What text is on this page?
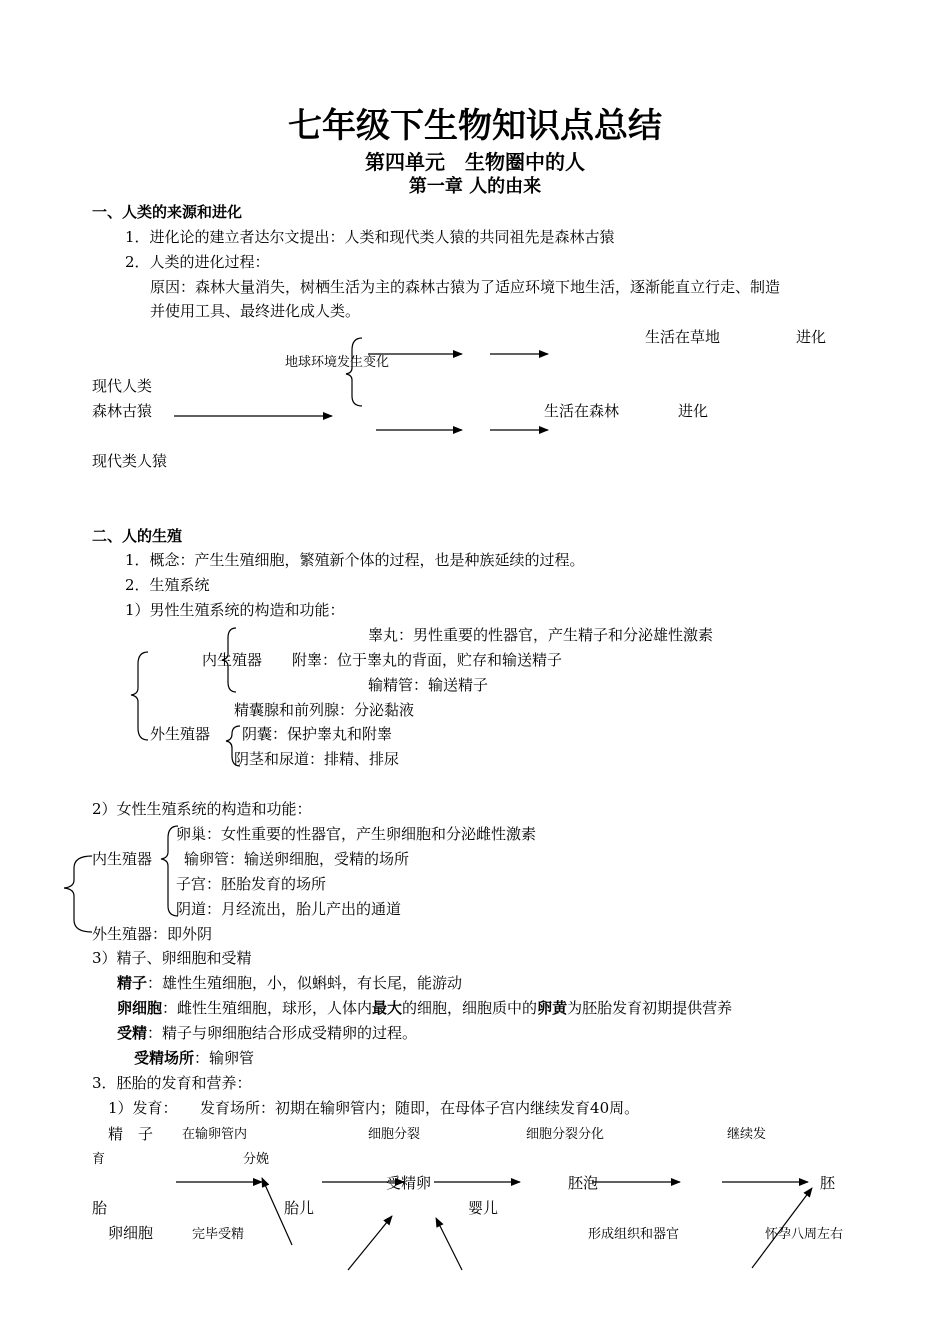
七年级下生物知识点总结
第四单元　生物圈中的人
第一章 人的由来
一、人类的来源和进化
1．进化论的建立者达尔文提出：人类和现代类人猿的共同祖先是森林古猿
2．人类的进化过程：
原因：森林大量消失，树栖生活为主的森林古猿为了适应环境下地生活，逐渐能直立行走、制造
并使用工具、最终进化成人类。
生活在草地	进化
地球环境发生变化
现代人类
森林古猿	生活在森林	进化
现代类人猿
二、人的生殖
1．概念：产生生殖细胞，繁殖新个体的过程，也是种族延续的过程。
2．生殖系统
1）男性生殖系统的构造和功能：
睾丸：男性重要的性器官，产生精子和分泌雄性激素
内生殖器 附睾：位于睾丸的背面，贮存和输送精子
输精管：输送精子
精囊腺和前列腺：分泌黏液
外生殖器 阴囊：保护睾丸和附睾
阴茎和尿道：排精、排尿
2）女性生殖系统的构造和功能：
卵巢：女性重要的性器官，产生卵细胞和分泌雌性激素
内生殖器 输卵管：输送卵细胞，受精的场所
子宫：胚胎发育的场所
阴道：月经流出，胎儿产出的通道
外生殖器：即外阴
3）精子、卵细胞和受精
精子：雄性生殖细胞，小，似蝌蚪，有长尾，能游动
卵细胞：雌性生殖细胞，球形，人体内最大的细胞，细胞质中的卵黄为胚胎发育初期提供营养
受精：精子与卵细胞结合形成受精卵的过程。
受精场所：输卵管
3．胚胎的发育和营养：
1）发育：　　发育场所：初期在输卵管内；随即，在母体子宫内继续发育40周。
精　子 在输卵管内	细胞分裂	细胞分裂分化	继续发
育	分娩
受精卵	胚泡	胚
胎	胎儿	婴儿
卵细胞	完毕受精	形成组织和器官	怀孕八周左右
